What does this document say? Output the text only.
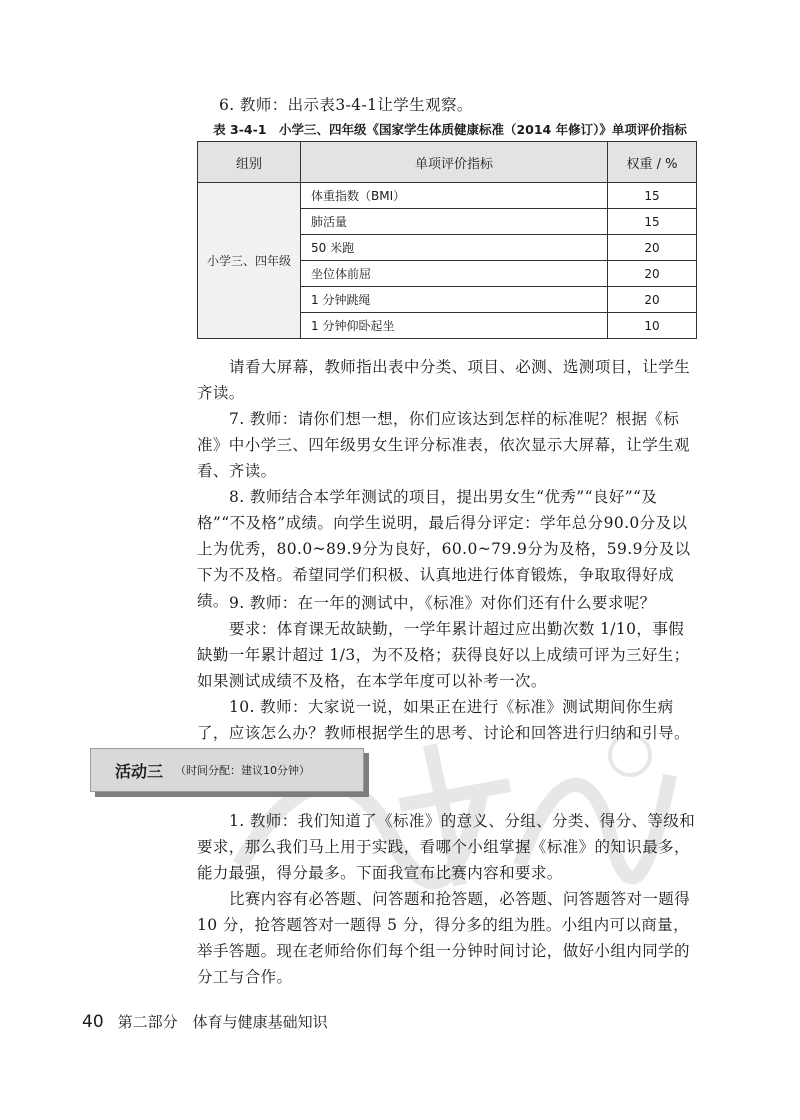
6. 教师：出示表3-4-1让学生观察。

表 3-4-1　小学三、四年级《国家学生体质健康标准（2014 年修订）》单项评价指标
组别	单项评价指标	权重 / %
小学三、四年级	体重指数（BMI）	15
	肺活量	15
	50 米跑	20
	坐位体前屈	20
	1 分钟跳绳	20
	1 分钟仰卧起坐	10

请看大屏幕，教师指出表中分类、项目、必测、选测项目，让学生齐读。

7. 教师：请你们想一想，你们应该达到怎样的标准呢？根据《标准》中小学三、四年级男女生评分标准表，依次显示大屏幕，让学生观看、齐读。

8. 教师结合本学年测试的项目，提出男女生“优秀”“良好”“及格”“不及格”成绩。向学生说明，最后得分评定：学年总分90.0分及以上为优秀，80.0~89.9分为良好，60.0~79.9分为及格，59.9分及以下为不及格。希望同学们积极、认真地进行体育锻炼，争取取得好成绩。 9. 教师：在一年的测试中，《标准》对你们还有什么要求呢？

要求：体育课无故缺勤，一学年累计超过应出勤次数 1/10，事假缺勤一年累计超过 1/3，为不及格；获得良好以上成绩可评为三好生；如果测试成绩不及格，在本学年度可以补考一次。

10. 教师：大家说一说，如果正在进行《标准》测试期间你生病了，应该怎么办？教师根据学生的思考、讨论和回答进行归纳和引导。

活动三 （时间分配：建议10分钟）

1. 教师：我们知道了《标准》的意义、分组、分类、得分、等级和要求，那么我们马上用于实践，看哪个小组掌握《标准》的知识最多，能力最强，得分最多。下面我宣布比赛内容和要求。

比赛内容有必答题、问答题和抢答题，必答题、问答题答对一题得 10 分，抢答题答对一题得 5 分，得分多的组为胜。小组内可以商量，举手答题。现在老师给你们每个组一分钟时间讨论，做好小组内同学的分工与合作。

40 第二部分　体育与健康基础知识
